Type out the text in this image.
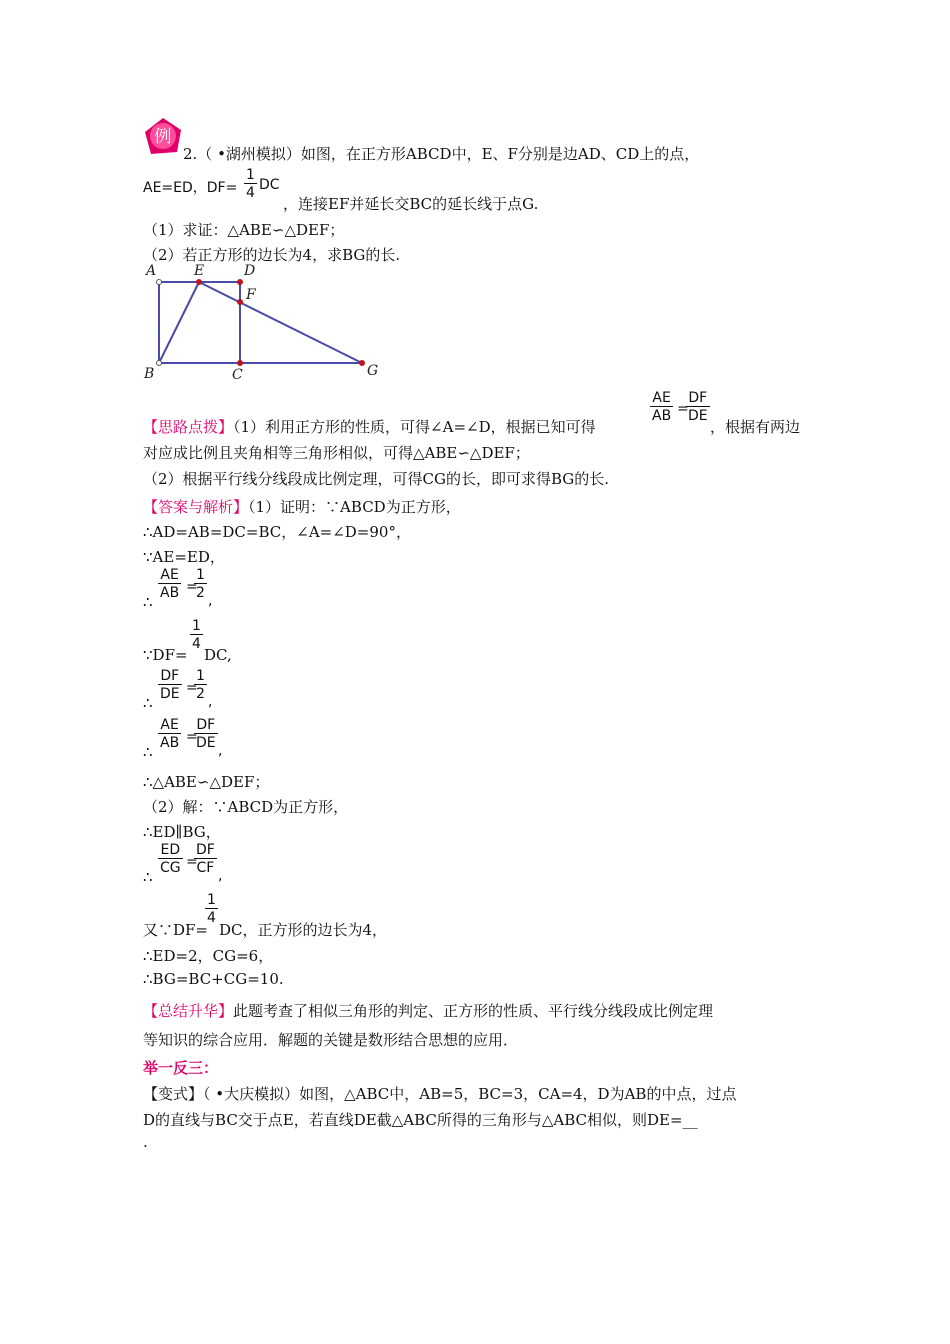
例
2.（ •湖州模拟）如图，在正方形ABCD中，E、F分别是边AD、CD上的点，
AE=ED，$DF= \frac{1}{4}$ DC
，连接EF并延长交BC的延长线于点G.
（1）求证：△ABE∽△DEF；
（2）若正方形的边长为4，求BG的长.
A	E	D
F
B	C	G
【思路点拨】（1）利用正方形的性质，可得∠A=∠D，根据已知可得
$\frac{AE}{AB}$ =
$\frac{DF}{DE}$
，根据有两边
对应成比例且夹角相等三角形相似，可得△ABE∽△DEF；
（2）根据平行线分线段成比例定理，可得CG的长，即可求得BG的长.
【答案与解析】（1）证明：∵ABCD为正方形，
∴AD=AB=DC=BC，∠A=∠D=90°，
∵AE=ED，
∴ $\frac{AE}{AB}$ =
$\frac{1}{2}$ ,
∵DF=
$\frac{1}{4}$
DC,
∴ $\frac{DF}{DE}$ =
$\frac{1}{2}$ ,
∴ $\frac{AE}{AB}$ =
$\frac{DF}{DE}$ ,
∴△ABE∽△DEF；
（2）解：∵ABCD为正方形，
∴ED∥BG，
∴ $\frac{ED}{CG}$ =
$\frac{DF}{CF}$ ,
又∵DF=
$\frac{1}{4}$
DC，正方形的边长为4，
∴ED=2，CG=6，
∴BG=BC+CG=10.
【总结升华】此题考查了相似三角形的判定、正方形的性质、平行线分线段成比例定理
等知识的综合应用．解题的关键是数形结合思想的应用．
举一反三：
【变式】（ •大庆模拟）如图，△ABC中，AB=5，BC=3，CA=4，D为AB的中点，过点
D的直线与BC交于点E，若直线DE截△ABC所得的三角形与△ABC相似，则DE=__
.
